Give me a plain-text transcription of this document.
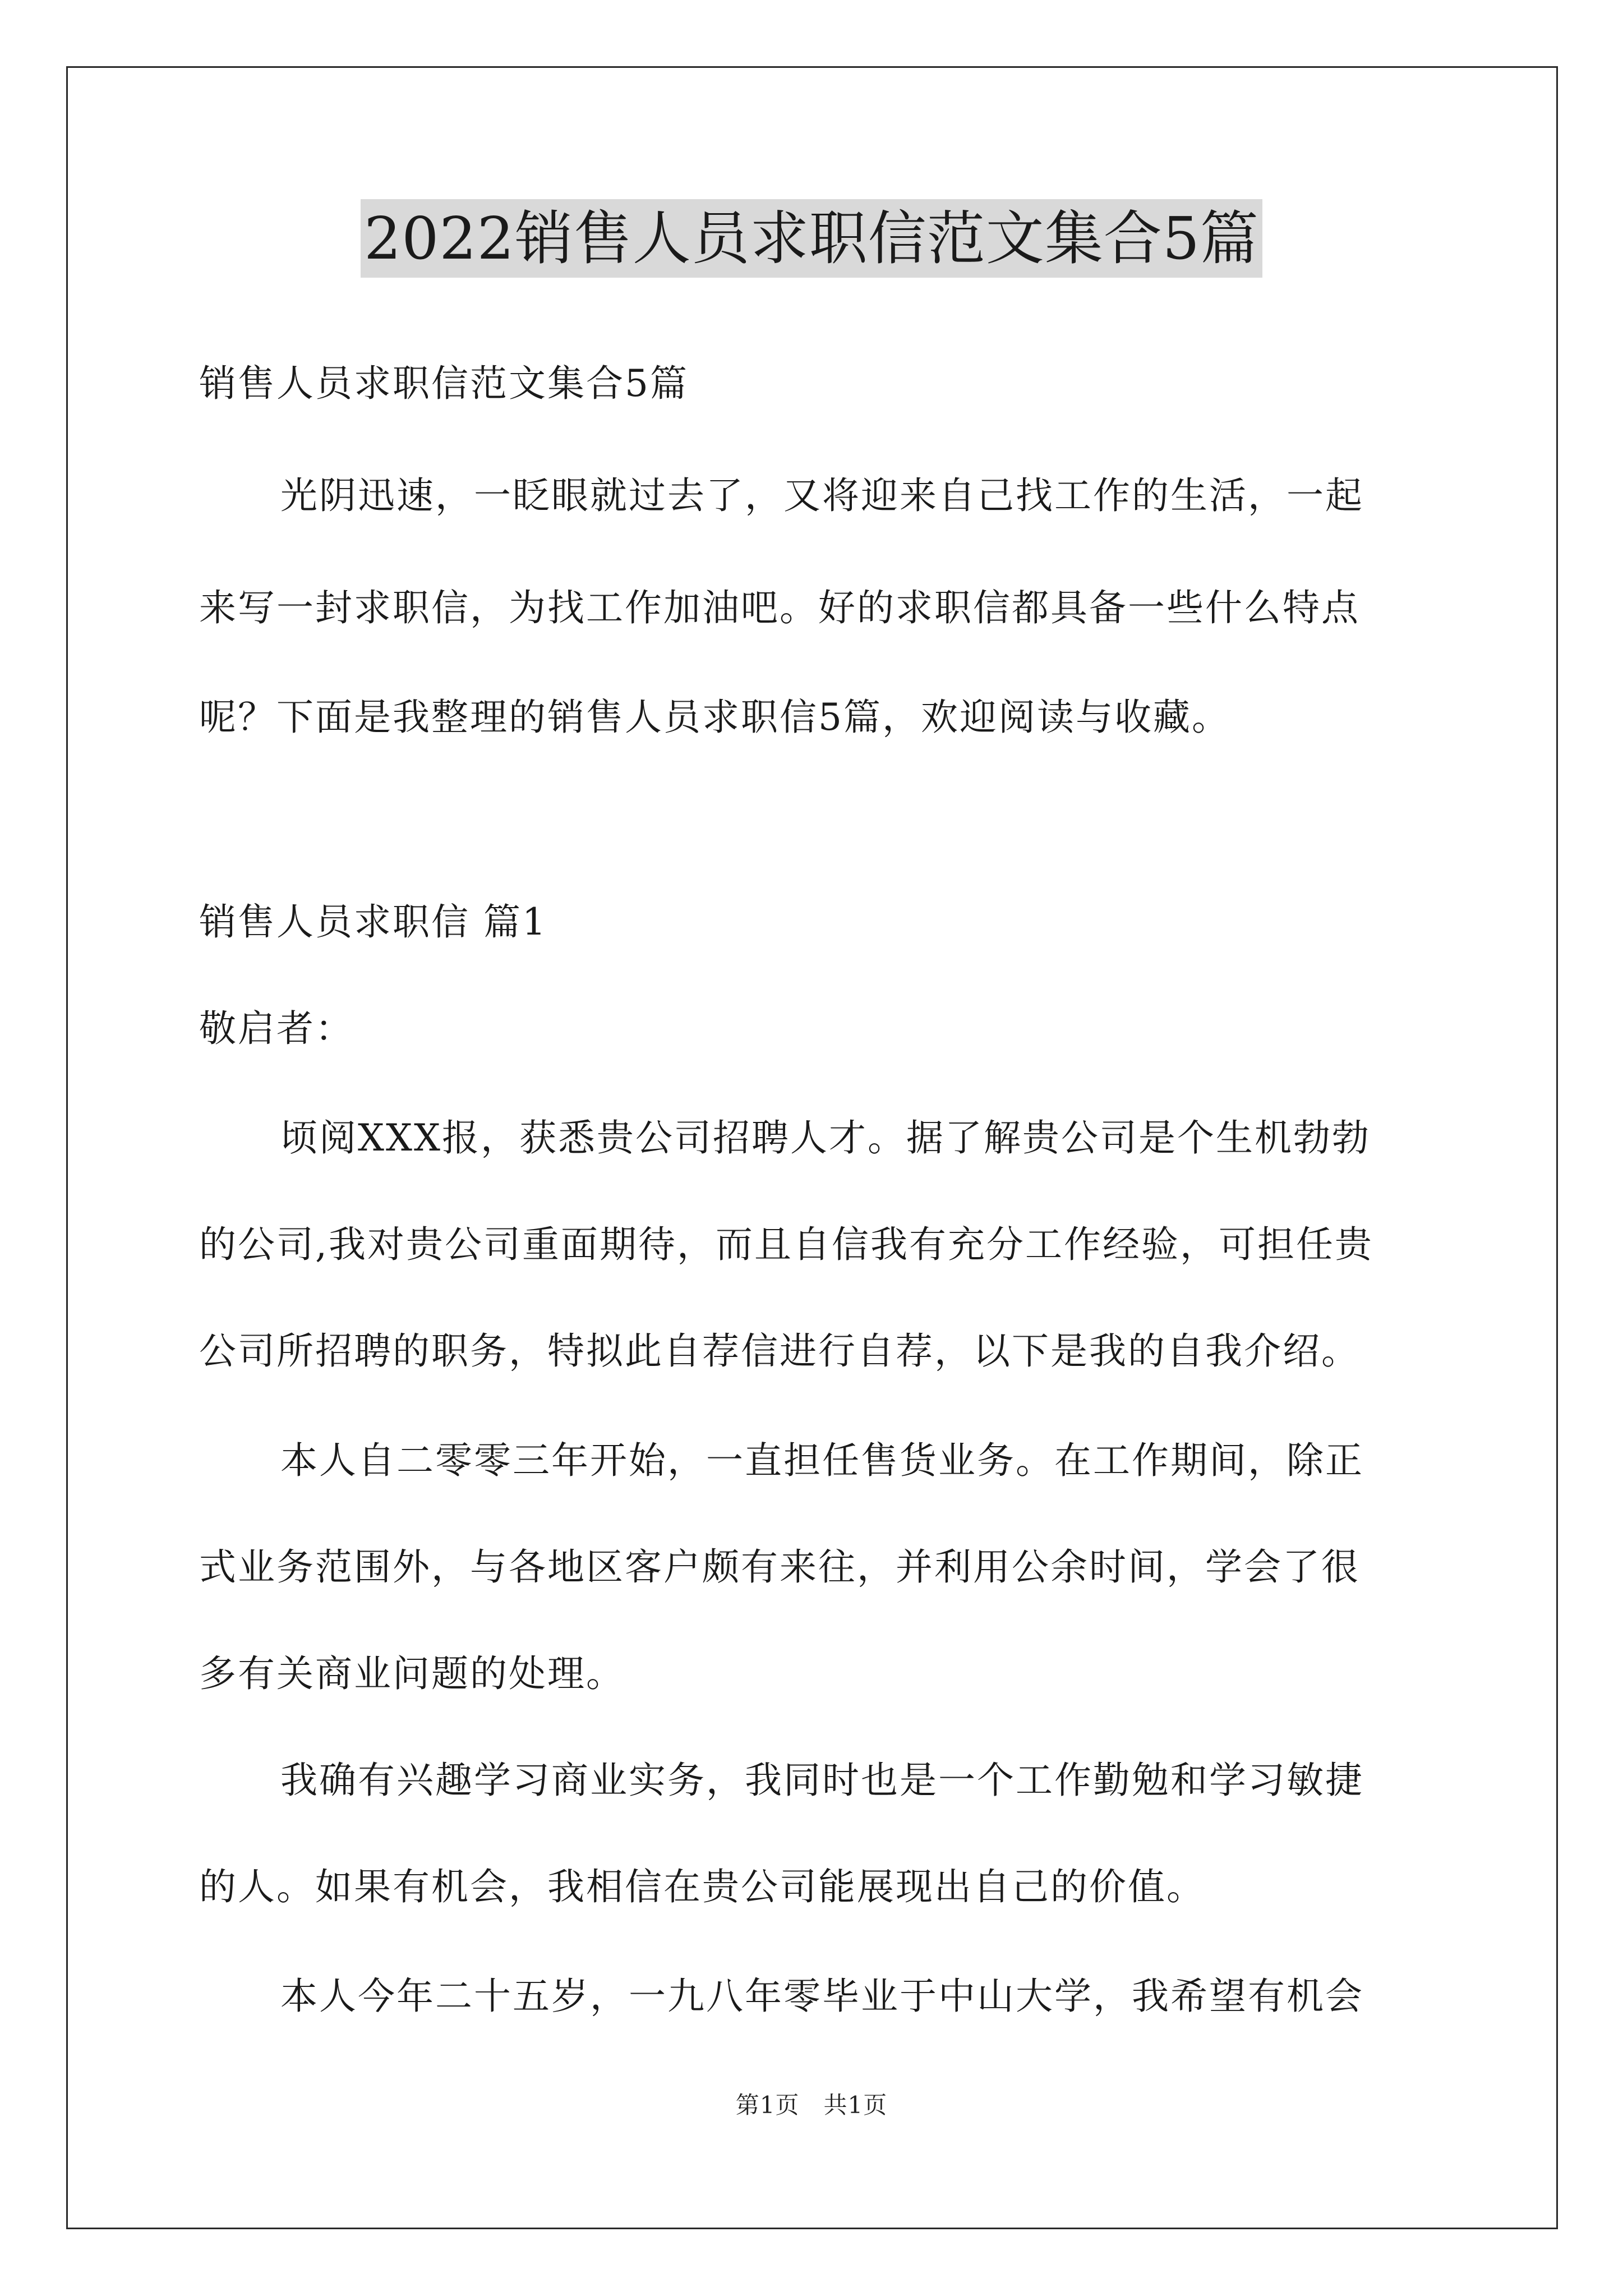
2022销售人员求职信范文集合5篇
销售人员求职信范文集合5篇
光阴迅速，一眨眼就过去了，又将迎来自己找工作的生活，一起
来写一封求职信，为找工作加油吧。好的求职信都具备一些什么特点
呢？下面是我整理的销售人员求职信5篇，欢迎阅读与收藏。
销售人员求职信 篇1
敬启者：
顷阅XXX报，获悉贵公司招聘人才。据了解贵公司是个生机勃勃
的公司,我对贵公司重面期待，而且自信我有充分工作经验，可担任贵
公司所招聘的职务，特拟此自荐信进行自荐，以下是我的自我介绍。
本人自二零零三年开始，一直担任售货业务。在工作期间，除正
式业务范围外，与各地区客户颇有来往，并利用公余时间，学会了很
多有关商业问题的处理。
我确有兴趣学习商业实务，我同时也是一个工作勤勉和学习敏捷
的人。如果有机会，我相信在贵公司能展现出自己的价值。
本人今年二十五岁，一九八年零毕业于中山大学，我希望有机会
第1页　共1页
